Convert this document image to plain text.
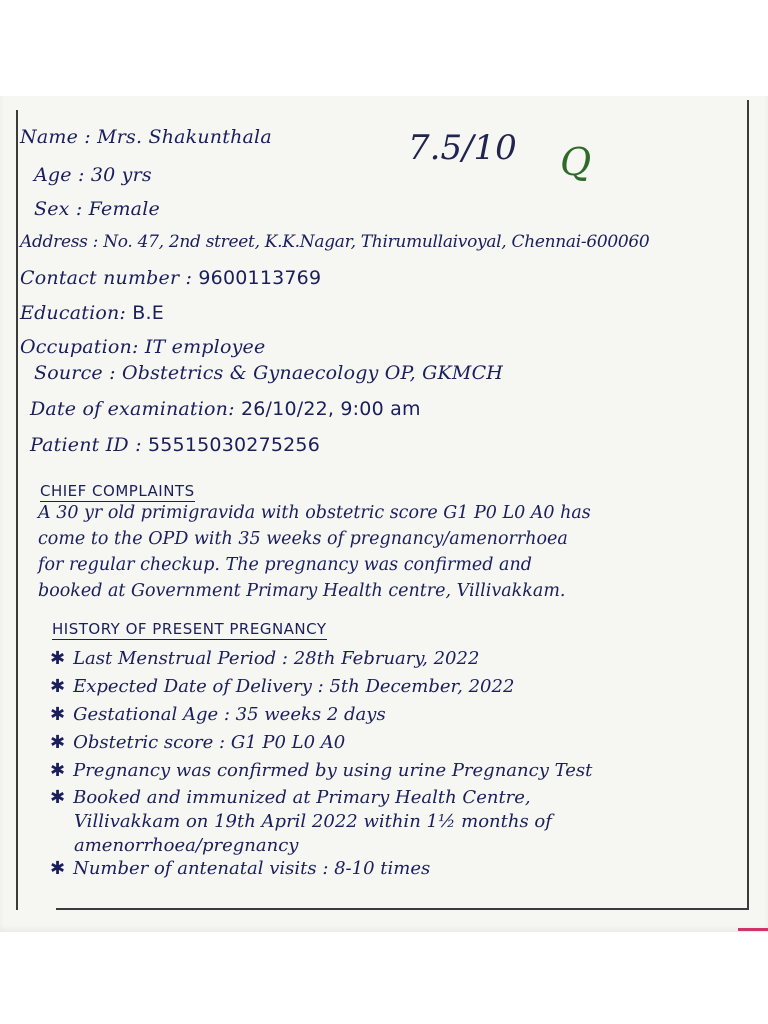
Name : Mrs. Shakunthala
Age : 30 yrs
Sex : Female
Address : No. 47, 2nd street, K.K.Nagar, Thirumullaivoyal, Chennai-600060
Contact number : 9600113769
Education: B.E
Occupation: IT employee
Source : Obstetrics & Gynaecology OP, GKMCH
Date of examination: 26/10/22, 9:00 am
Patient ID : 55515030275256
7.5/10 Q
CHIEF COMPLAINTS
A 30 yr old primigravida with obstetric score G1 P0 L0 A0 has
come to the OPD with 35 weeks of pregnancy/amenorrhoea
for regular checkup. The pregnancy was confirmed and
booked at Government Primary Health centre, Villivakkam.
HISTORY OF PRESENT PREGNANCY
✱ Last Menstrual Period : 28th February, 2022
✱ Expected Date of Delivery : 5th December, 2022
✱ Gestational Age : 35 weeks 2 days
✱ Obstetric score : G1 P0 L0 A0
✱ Pregnancy was confirmed by using urine Pregnancy Test
✱ Booked and immunized at Primary Health Centre,
Villivakkam on 19th April 2022 within 1½ months of
amenorrhoea/pregnancy
✱ Number of antenatal visits : 8-10 times
